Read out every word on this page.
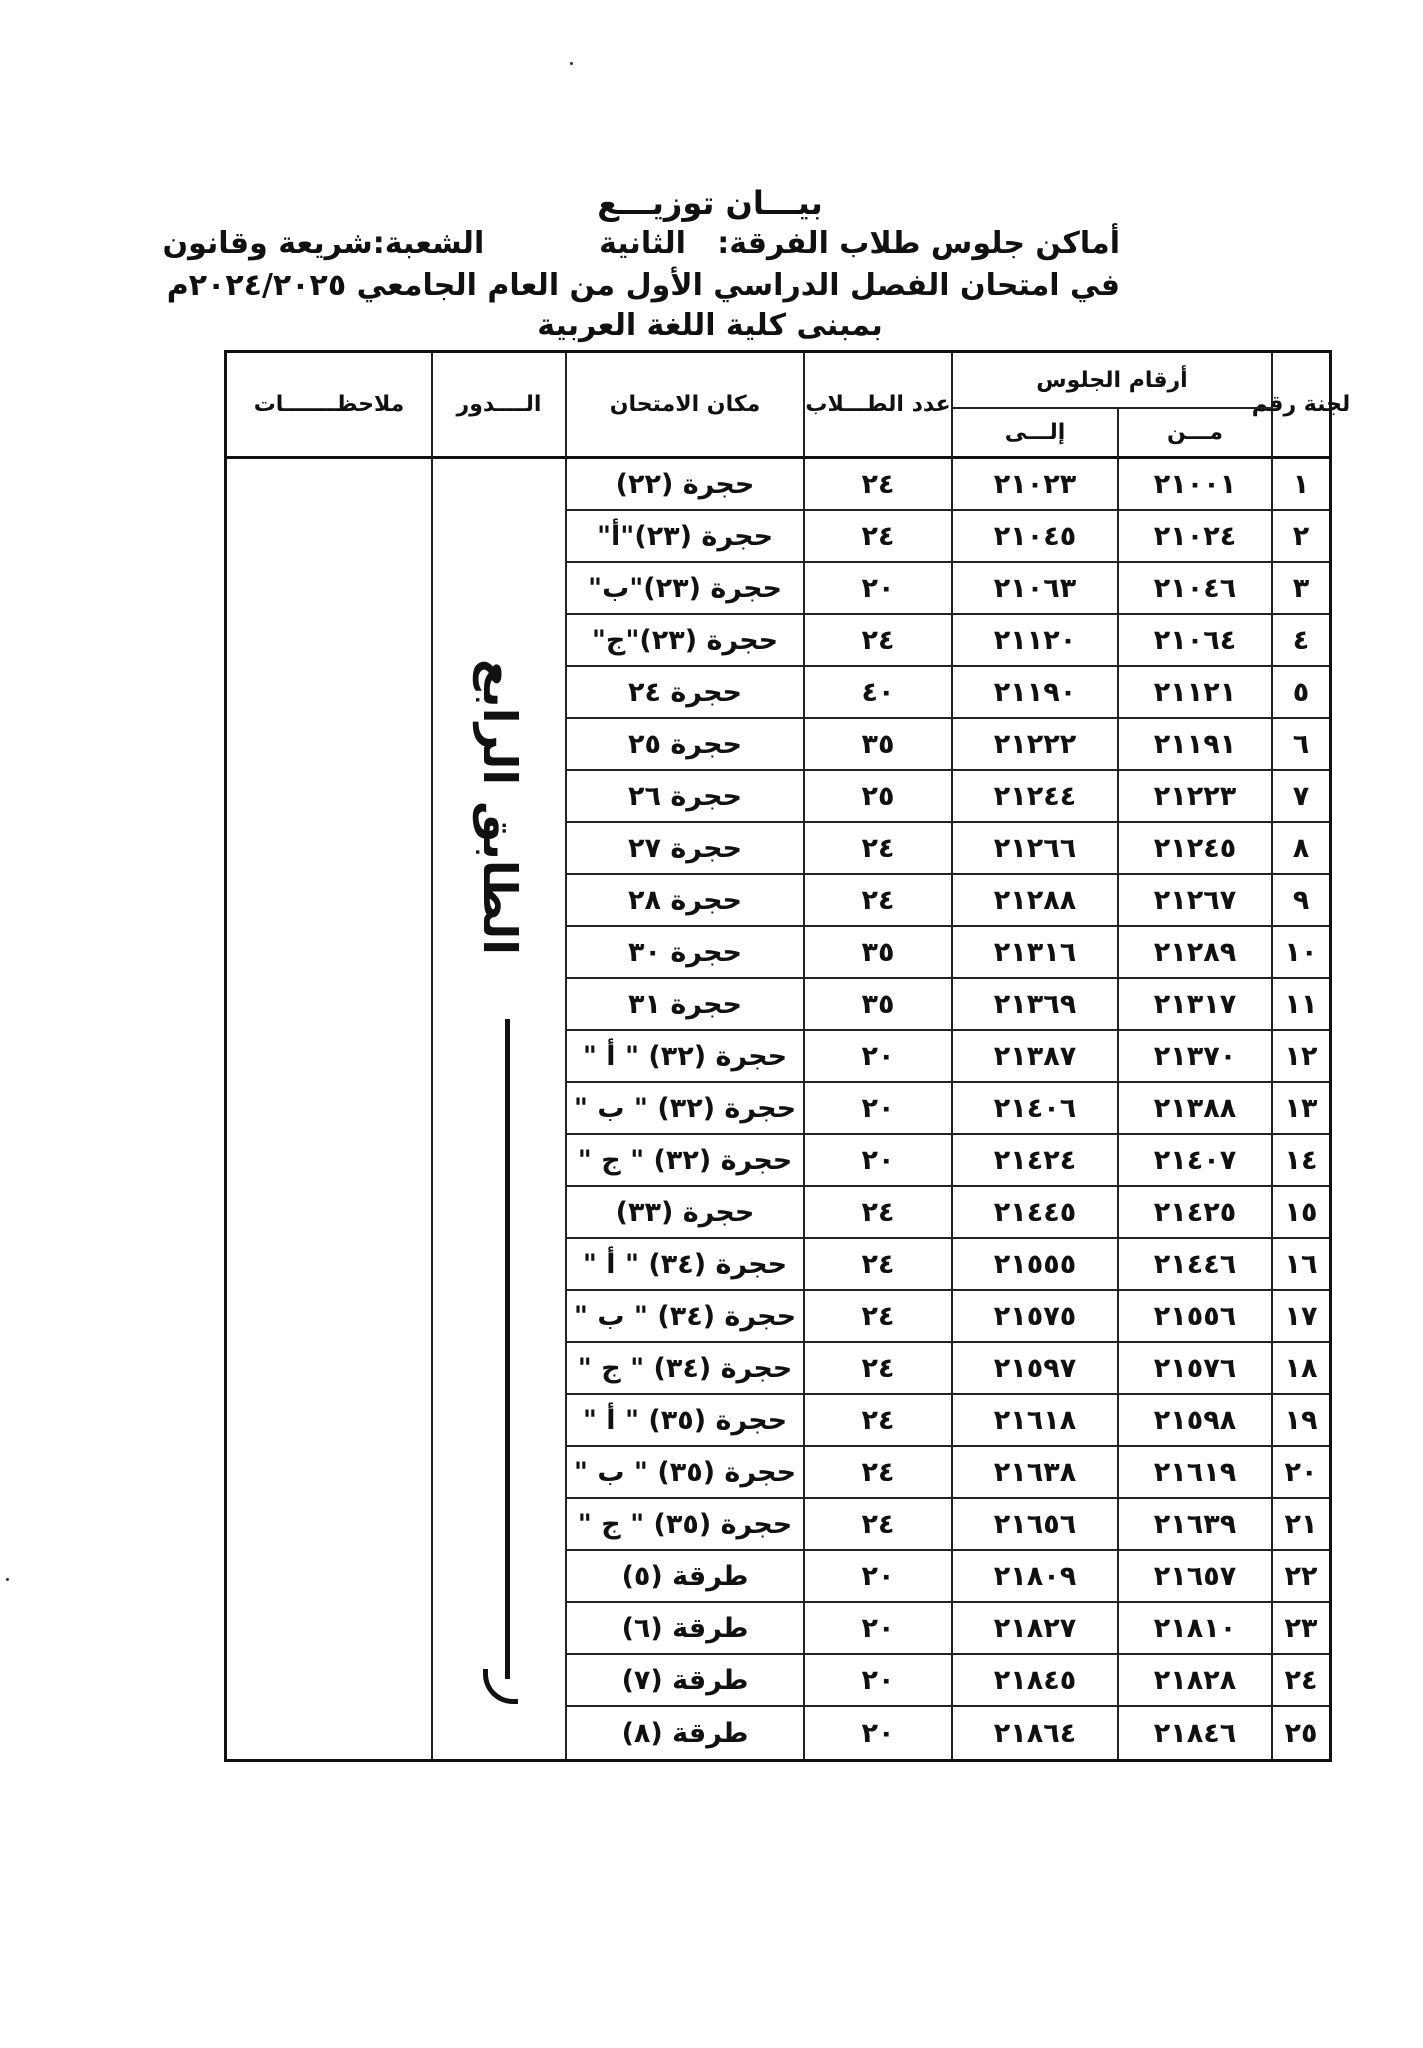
بيـــان توزيـــع
أماكن جلوس طلاب الفرقة:   الثانية           الشعبة:شريعة وقانون
في امتحان الفصل الدراسي الأول من العام الجامعي ٢٠٢٤/٢٠٢٥م
بمبنى كلية اللغة العربية
لجنة رقم
أرقام الجلوس
مـــن
إلـــى
عدد الطـــلاب
مكان الامتحان
الــــدور
ملاحظـــــــات
الطابق الرابع
١
٢١٠٠١
٢١٠٢٣
٢٤
حجرة (٢٢)
٢
٢١٠٢٤
٢١٠٤٥
٢٤
حجرة (٢٣)"أ"
٣
٢١٠٤٦
٢١٠٦٣
٢٠
حجرة (٢٣)"ب"
٤
٢١٠٦٤
٢١١٢٠
٢٤
حجرة (٢٣)"ج"
٥
٢١١٢١
٢١١٩٠
٤٠
حجرة ٢٤
٦
٢١١٩١
٢١٢٢٢
٣٥
حجرة ٢٥
٧
٢١٢٢٣
٢١٢٤٤
٢٥
حجرة ٢٦
٨
٢١٢٤٥
٢١٢٦٦
٢٤
حجرة ٢٧
٩
٢١٢٦٧
٢١٢٨٨
٢٤
حجرة ٢٨
١٠
٢١٢٨٩
٢١٣١٦
٣٥
حجرة ٣٠
١١
٢١٣١٧
٢١٣٦٩
٣٥
حجرة ٣١
١٢
٢١٣٧٠
٢١٣٨٧
٢٠
حجرة (٣٢) " أ "
١٣
٢١٣٨٨
٢١٤٠٦
٢٠
حجرة (٣٢) " ب "
١٤
٢١٤٠٧
٢١٤٢٤
٢٠
حجرة (٣٢) " ج "
١٥
٢١٤٢٥
٢١٤٤٥
٢٤
حجرة (٣٣)
١٦
٢١٤٤٦
٢١٥٥٥
٢٤
حجرة (٣٤) " أ "
١٧
٢١٥٥٦
٢١٥٧٥
٢٤
حجرة (٣٤) " ب "
١٨
٢١٥٧٦
٢١٥٩٧
٢٤
حجرة (٣٤) " ج "
١٩
٢١٥٩٨
٢١٦١٨
٢٤
حجرة (٣٥) " أ "
٢٠
٢١٦١٩
٢١٦٣٨
٢٤
حجرة (٣٥) " ب "
٢١
٢١٦٣٩
٢١٦٥٦
٢٤
حجرة (٣٥) " ج "
٢٢
٢١٦٥٧
٢١٨٠٩
٢٠
طرقة (٥)
٢٣
٢١٨١٠
٢١٨٢٧
٢٠
طرقة (٦)
٢٤
٢١٨٢٨
٢١٨٤٥
٢٠
طرقة (٧)
٢٥
٢١٨٤٦
٢١٨٦٤
٢٠
طرقة (٨)
